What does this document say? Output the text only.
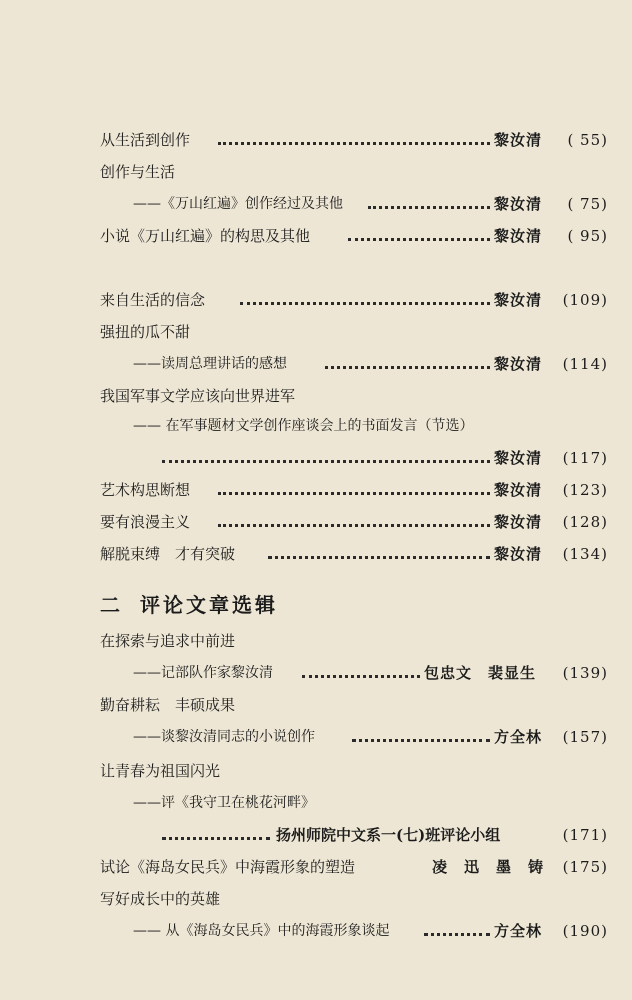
从生活到创作	黎汝清 ( 55)
创作与生活
——《万山红遍》创作经过及其他	黎汝清 ( 75)
小说《万山红遍》的构思及其他	黎汝清 ( 95)
来自生活的信念	黎汝清 (109)
强扭的瓜不甜
——读周总理讲话的感想	黎汝清 (114)
我国军事文学应该向世界进军
—— 在军事题材文学创作座谈会上的书面发言（节选）
黎汝清 (117)
艺术构思断想	黎汝清 (123)
要有浪漫主义	黎汝清 (128)
解脱束缚　才有突破	黎汝清 (134)
二 评论文章选辑
在探索与追求中前进
——记部队作家黎汝清	包忠文　裴显生 (139)
勤奋耕耘　丰硕成果
——谈黎汝清同志的小说创作	方全林 (157)
让青春为祖国闪光
——评《我守卫在桃花河畔》
扬州师院中文系一(七)班评论小组	(171)
试论《海岛女民兵》中海霞形象的塑造	凌　迅　墨　铸 (175)
写好成长中的英雄
—— 从《海岛女民兵》中的海霞形象谈起	方全林 (190)
